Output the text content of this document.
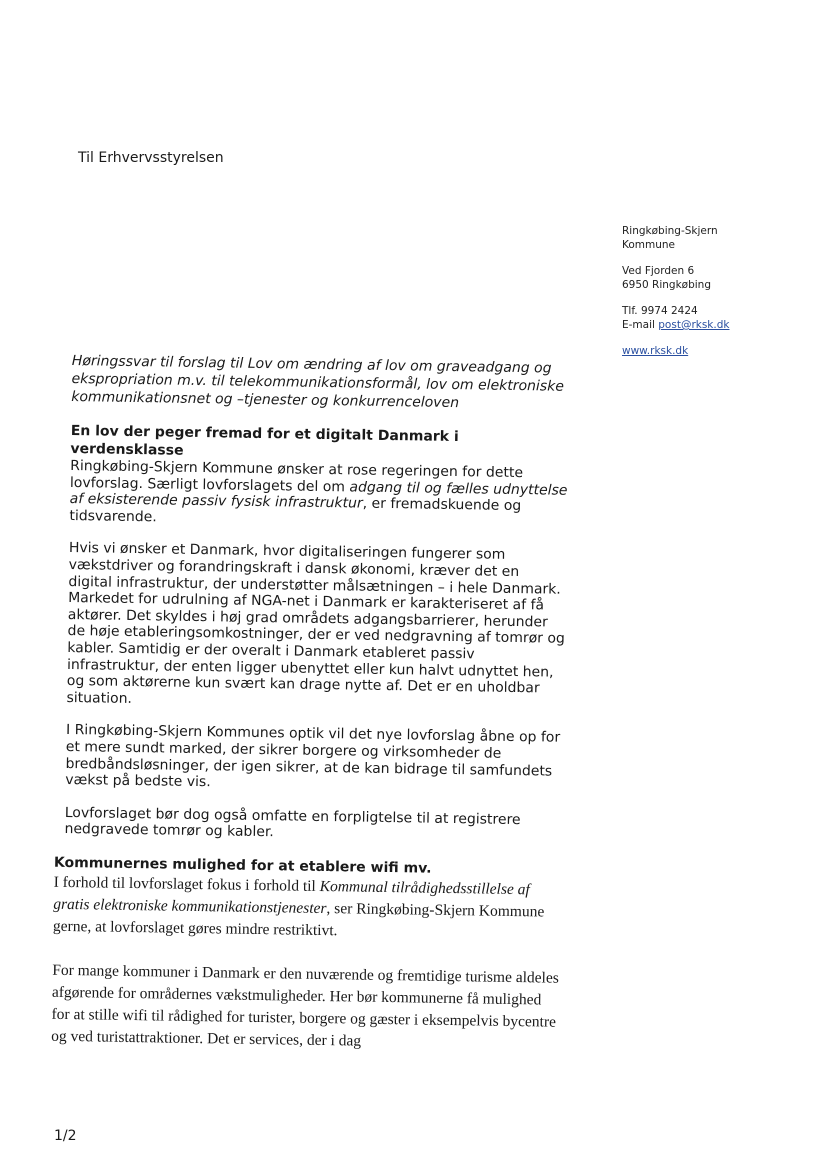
Til Erhvervsstyrelsen
Ringkøbing-Skjern
Kommune
Ved Fjorden 6
6950 Ringkøbing
Tlf. 9974 2424
E-mail post@rksk.dk
www.rksk.dk
Høringssvar til forslag til Lov om ændring af lov om graveadgang og ekspropriation m.v. til telekommunikationsformål, lov om elektroniske kommunikationsnet og –tjenester og konkurrenceloven
En lov der peger fremad for et digitalt Danmark i verdensklasse

Ringkøbing-Skjern Kommune ønsker at rose regeringen for dette lovforslag. Særligt lovforslagets del om adgang til og fælles udnyttelse af eksisterende passiv fysisk infrastruktur, er fremadskuende og tidsvarende.

Hvis vi ønsker et Danmark, hvor digitaliseringen fungerer som vækstdriver og forandringskraft i dansk økonomi, kræver det en digital infrastruktur, der understøtter målsætningen – i hele Danmark. Markedet for udrulning af NGA-net i Danmark er karakteriseret af få aktører. Det skyldes i høj grad områdets adgangsbarrierer, herunder de høje etableringsomkostninger, der er ved nedgravning af tomrør og kabler. Samtidig er der overalt i Danmark etableret passiv infrastruktur, der enten ligger ubenyttet eller kun halvt udnyttet hen, og som aktørerne kun svært kan drage nytte af. Det er en uholdbar situation.

I Ringkøbing-Skjern Kommunes optik vil det nye lovforslag åbne op for et mere sundt marked, der sikrer borgere og virksomheder de bredbåndsløsninger, der igen sikrer, at de kan bidrage til samfundets vækst på bedste vis.

Lovforslaget bør dog også omfatte en forpligtelse til at registrere nedgravede tomrør og kabler.

Kommunernes mulighed for at etablere wifi mv.

I forhold til lovforslaget fokus i forhold til Kommunal tilrådighedsstillelse af gratis elektroniske kommunikationstjenester, ser Ringkøbing-Skjern Kommune gerne, at lovforslaget gøres mindre restriktivt.

For mange kommuner i Danmark er den nuværende og fremtidige turisme aldeles afgørende for områdernes vækstmuligheder. Her bør kommunerne få mulighed for at stille wifi til rådighed for turister, borgere og gæster i eksempelvis bycentre og ved turistattraktioner. Det er services, der i dag

1/2
